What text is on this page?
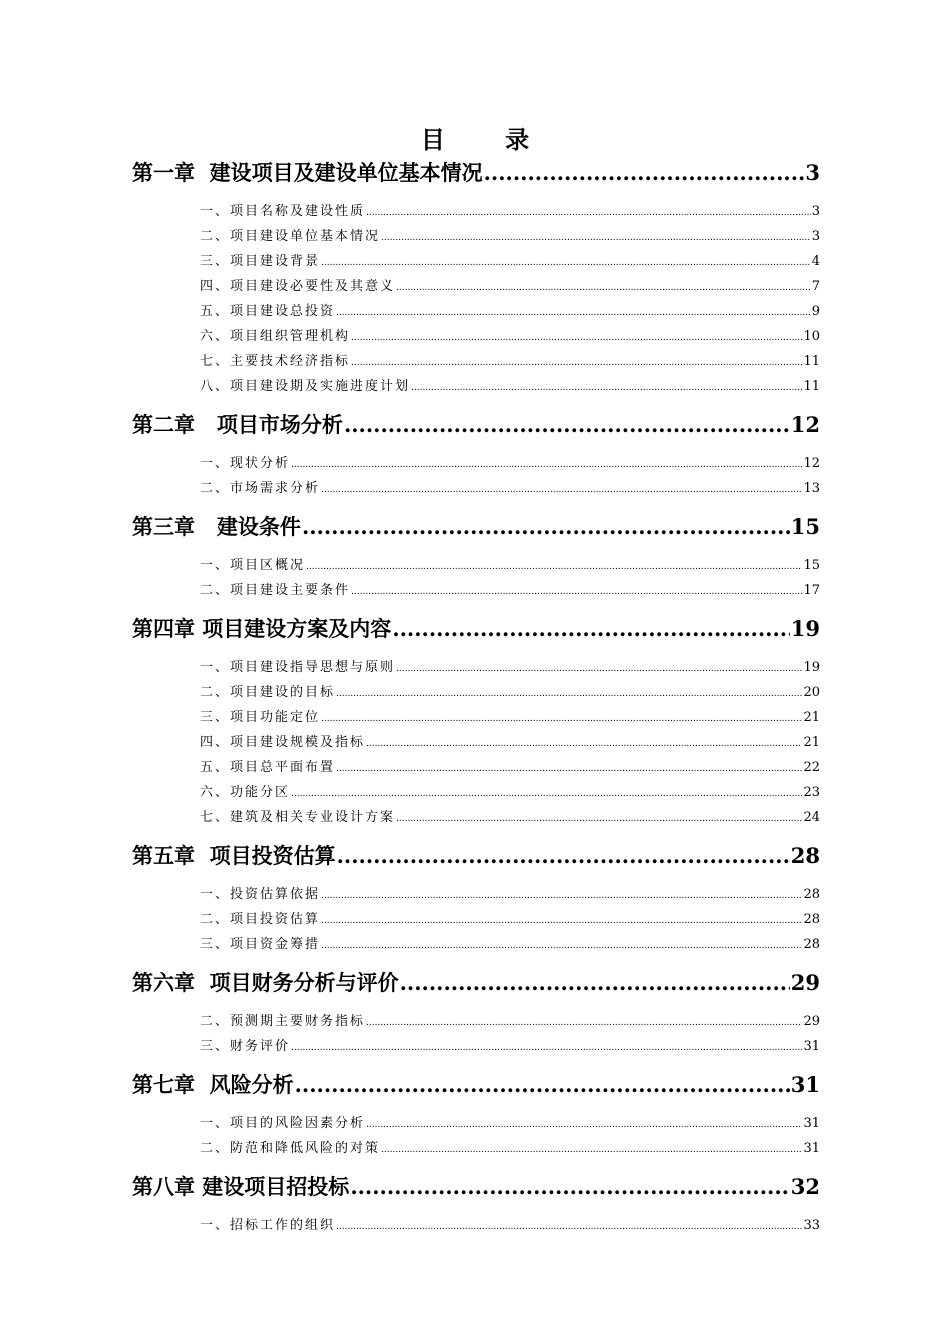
目 录
第一章  建设项目及建设单位基本情况 .....	3
一、项目名称及建设性质 .....	3
二、项目建设单位基本情况 .....	3
三、项目建设背景 .....	4
四、项目建设必要性及其意义 .....	7
五、项目建设总投资 .....	9
六、项目组织管理机构 .....	10
七、主要技术经济指标 .....	11
八、项目建设期及实施进度计划 .....	11
第二章   项目市场分析 .....	12
一、现状分析 .....	12
二、市场需求分析 .....	13
第三章   建设条件 .....	15
一、项目区概况 .....	15
二、项目建设主要条件 .....	17
第四章 项目建设方案及内容 .....	19
一、项目建设指导思想与原则 .....	19
二、项目建设的目标 .....	20
三、项目功能定位 .....	21
四、项目建设规模及指标 .....	21
五、项目总平面布置 .....	22
六、功能分区 .....	23
七、建筑及相关专业设计方案 .....	24
第五章  项目投资估算 .....	28
一、投资估算依据 .....	28
二、项目投资估算 .....	28
三、项目资金筹措 .....	28
第六章  项目财务分析与评价 .....	29
二、预测期主要财务指标 .....	29
三、财务评价 .....	31
第七章  风险分析 .....	31
一、项目的风险因素分析 .....	31
二、防范和降低风险的对策 .....	31
第八章 建设项目招投标 .....	32
一、招标工作的组织 .....	33
